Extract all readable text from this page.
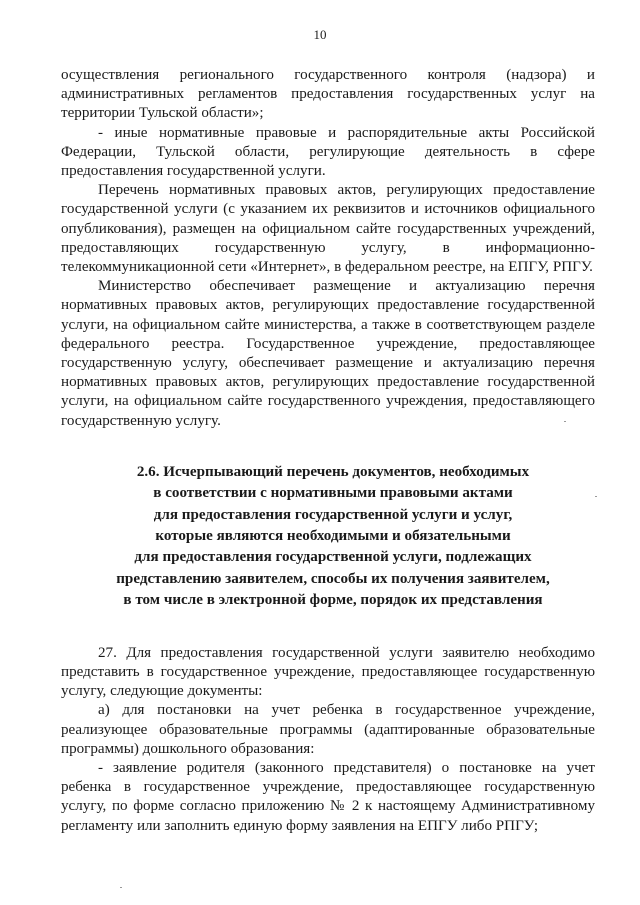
10

осуществления регионального государственного контроля (надзора) и административных регламентов предоставления государственных услуг на территории Тульской области»;

- иные нормативные правовые и распорядительные акты Российской Федерации, Тульской области, регулирующие деятельность в сфере предоставления государственной услуги.

Перечень нормативных правовых актов, регулирующих предоставление государственной услуги (с указанием их реквизитов и источников официального опубликования), размещен на официальном сайте государственных учреждений, предоставляющих государственную услугу, в информационно-телекоммуникационной сети «Интернет», в федеральном реестре, на ЕПГУ, РПГУ.

Министерство обеспечивает размещение и актуализацию перечня нормативных правовых актов, регулирующих предоставление государственной услуги, на официальном сайте министерства, а также в соответствующем разделе федерального реестра. Государственное учреждение, предоставляющее государственную услугу, обеспечивает размещение и актуализацию перечня нормативных правовых актов, регулирующих предоставление государственной услуги, на официальном сайте государственного учреждения, предоставляющего государственную услугу.

2.6. Исчерпывающий перечень документов, необходимых
в соответствии с нормативными правовыми актами
для предоставления государственной услуги и услуг,
которые являются необходимыми и обязательными
для предоставления государственной услуги, подлежащих
представлению заявителем, способы их получения заявителем,
в том числе в электронной форме, порядок их представления

27. Для предоставления государственной услуги заявителю необходимо представить в государственное учреждение, предоставляющее государственную услугу, следующие документы:

а) для постановки на учет ребенка в государственное учреждение, реализующее образовательные программы (адаптированные образовательные программы) дошкольного образования:

- заявление родителя (законного представителя) о постановке на учет ребенка в государственное учреждение, предоставляющее государственную услугу, по форме согласно приложению № 2 к настоящему Административному регламенту или заполнить единую форму заявления на ЕПГУ либо РПГУ;
